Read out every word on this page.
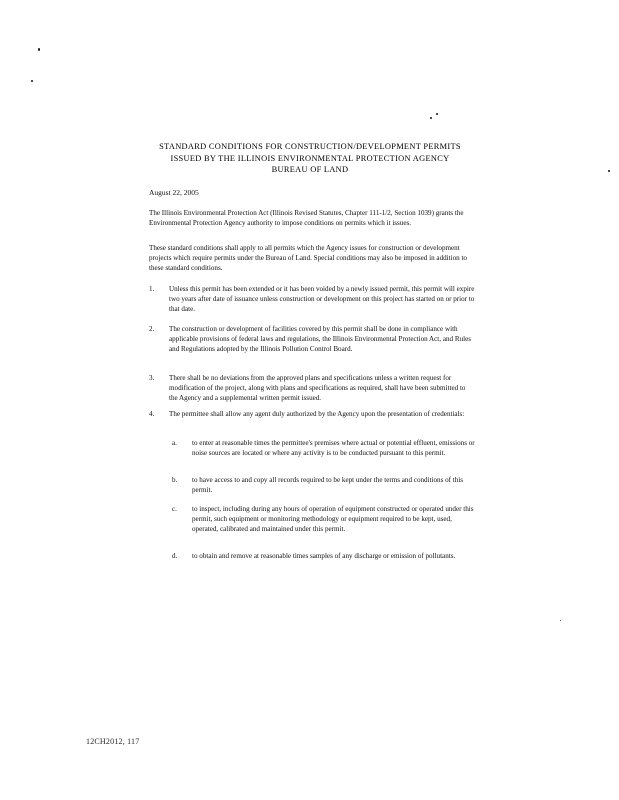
STANDARD CONDITIONS FOR CONSTRUCTION/DEVELOPMENT PERMITS
ISSUED BY THE ILLINOIS ENVIRONMENTAL PROTECTION AGENCY
BUREAU OF LAND
August 22, 2005
The Illinois Environmental Protection Act (Illinois Revised Statutes, Chapter 111-1/2, Section 1039) grants the Environmental Protection Agency authority to impose conditions on permits which it issues.
These standard conditions shall apply to all permits which the Agency issues for construction or development projects which require permits under the Bureau of Land. Special conditions may also be imposed in addition to these standard conditions.
1.	Unless this permit has been extended or it has been voided by a newly issued permit, this permit will expire two years after date of issuance unless construction or development on this project has started on or prior to that date.
2.	The construction or development of facilities covered by this permit shall be done in compliance with applicable provisions of federal laws and regulations, the Illinois Environmental Protection Act, and Rules and Regulations adopted by the Illinois Pollution Control Board.
3.	There shall be no deviations from the approved plans and specifications unless a written request for modification of the project, along with plans and specifications as required, shall have been submitted to the Agency and a supplemental written permit issued.
4.	The permittee shall allow any agent duly authorized by the Agency upon the presentation of credentials:
a.	to enter at reasonable times the permittee's premises where actual or potential effluent, emissions or noise sources are located or where any activity is to be conducted pursuant to this permit.
b.	to have access to and copy all records required to be kept under the terms and conditions of this permit.
c.	to inspect, including during any hours of operation of equipment constructed or operated under this permit, such equipment or monitoring methodology or equipment required to be kept, used, operated, calibrated and maintained under this permit.
d.	to obtain and remove at reasonable times samples of any discharge or emission of pollutants.
12CH2012, 117
